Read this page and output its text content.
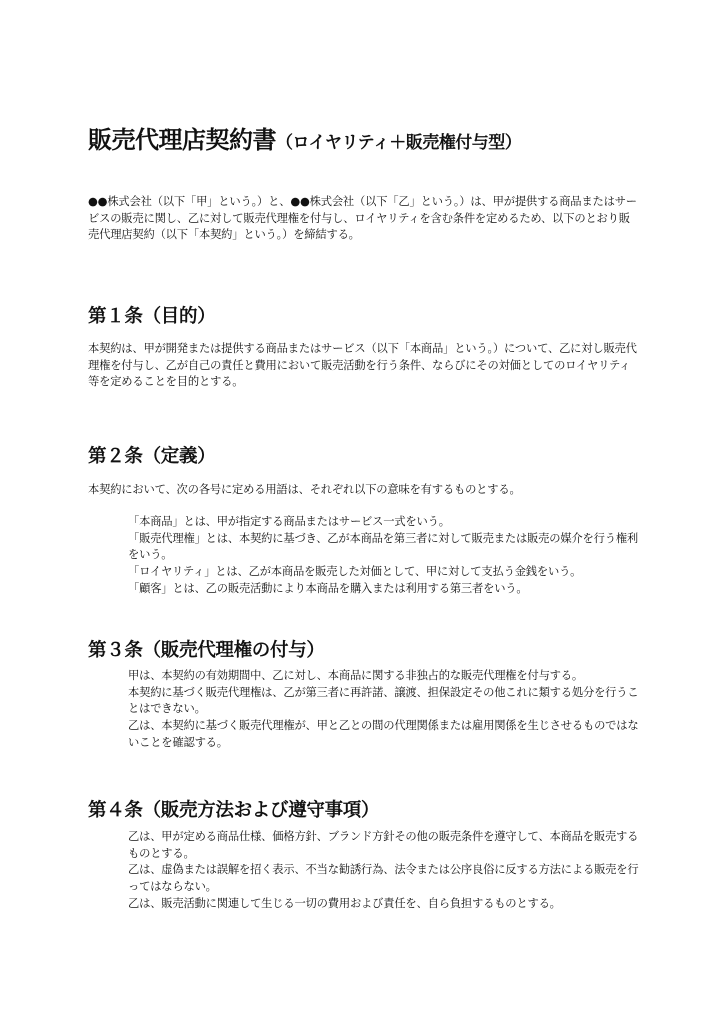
販売代理店契約書（ロイヤリティ＋販売権付与型）
●●株式会社（以下「甲」という。）と、●●株式会社（以下「乙」という。）は、甲が提供する商品またはサービスの販売に関し、乙に対して販売代理権を付与し、ロイヤリティを含む条件を定めるため、以下のとおり販売代理店契約（以下「本契約」という。）を締結する。
第１条（目的）
本契約は、甲が開発または提供する商品またはサービス（以下「本商品」という。）について、乙に対し販売代理権を付与し、乙が自己の責任と費用において販売活動を行う条件、ならびにその対価としてのロイヤリティ等を定めることを目的とする。
第２条（定義）
本契約において、次の各号に定める用語は、それぞれ以下の意味を有するものとする。
「本商品」とは、甲が指定する商品またはサービス一式をいう。
「販売代理権」とは、本契約に基づき、乙が本商品を第三者に対して販売または販売の媒介を行う権利をいう。
「ロイヤリティ」とは、乙が本商品を販売した対価として、甲に対して支払う金銭をいう。
「顧客」とは、乙の販売活動により本商品を購入または利用する第三者をいう。
第３条（販売代理権の付与）
甲は、本契約の有効期間中、乙に対し、本商品に関する非独占的な販売代理権を付与する。
本契約に基づく販売代理権は、乙が第三者に再許諾、譲渡、担保設定その他これに類する処分を行うことはできない。
乙は、本契約に基づく販売代理権が、甲と乙との間の代理関係または雇用関係を生じさせるものではないことを確認する。
第４条（販売方法および遵守事項）
乙は、甲が定める商品仕様、価格方針、ブランド方針その他の販売条件を遵守して、本商品を販売するものとする。
乙は、虚偽または誤解を招く表示、不当な勧誘行為、法令または公序良俗に反する方法による販売を行ってはならない。
乙は、販売活動に関連して生じる一切の費用および責任を、自ら負担するものとする。
